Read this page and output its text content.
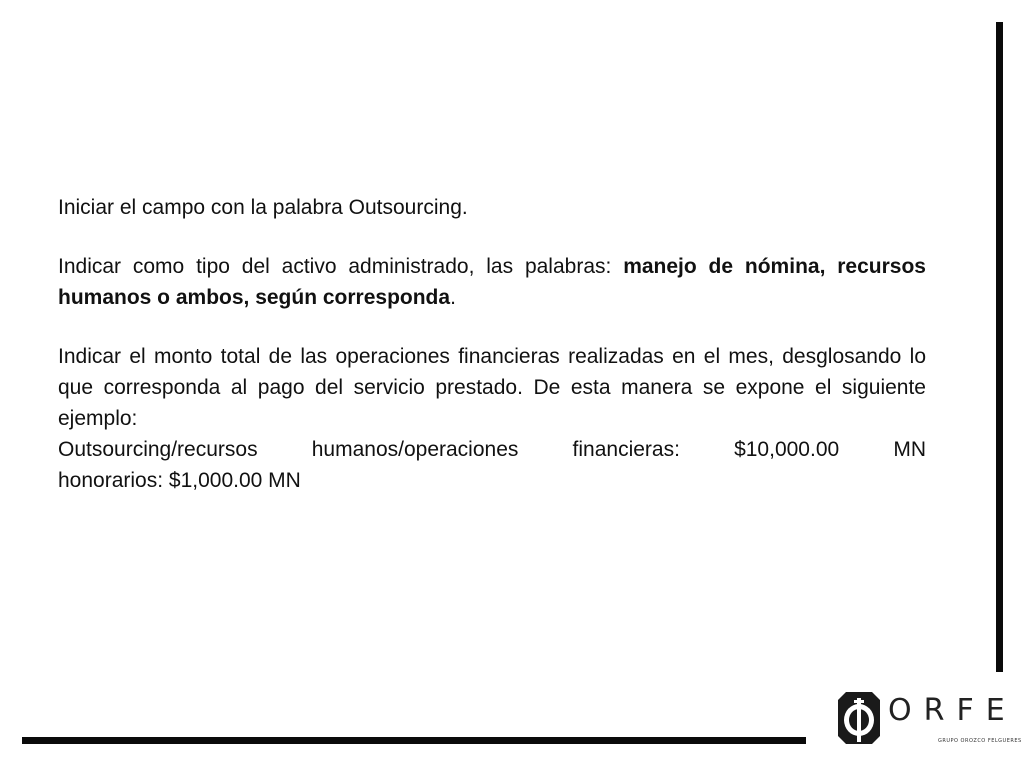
Iniciar el campo con la palabra Outsourcing.

Indicar como tipo del activo administrado, las palabras: manejo de nómina, recursos humanos o ambos, según corresponda.

Indicar el monto total de las operaciones financieras realizadas en el mes, desglosando lo que corresponda al pago del servicio prestado. De esta manera se expone el siguiente ejemplo:

Outsourcing/recursos humanos/operaciones financieras: $10,000.00 MN

honorarios: $1,000.00 MN

ORFE
GRUPO OROZCO FELGUERES
